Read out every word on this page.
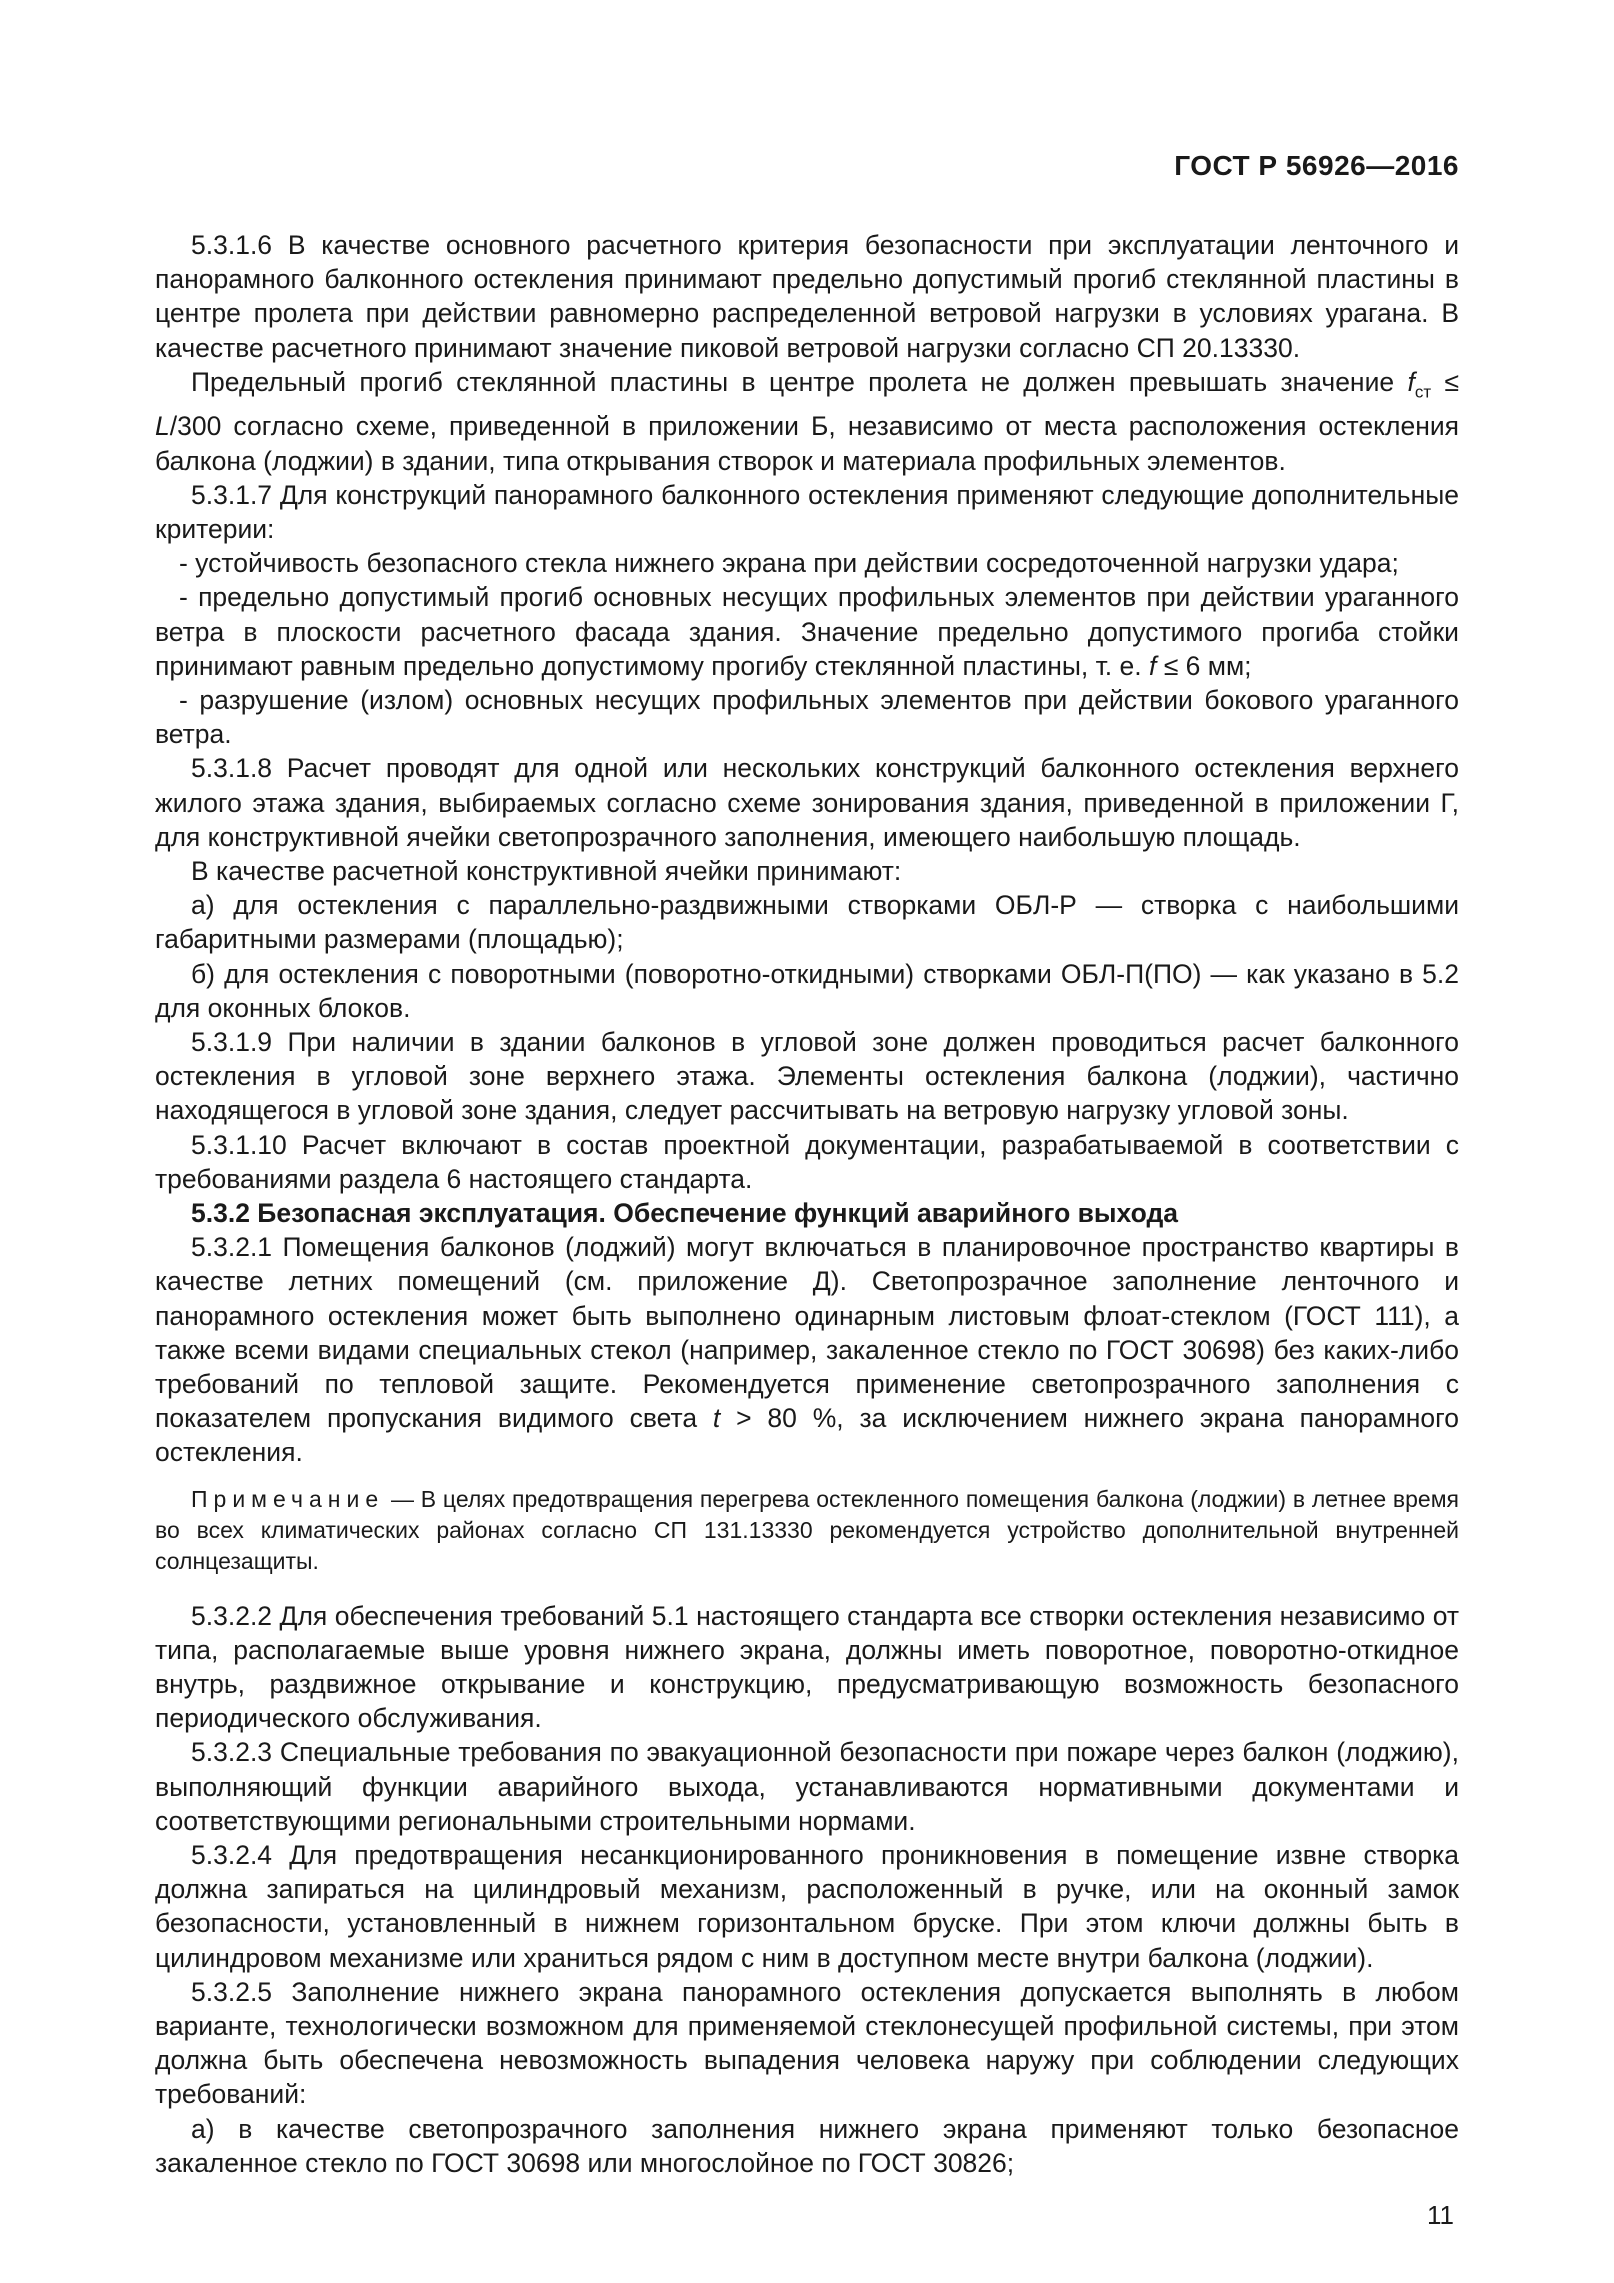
ГОСТ Р 56926—2016

5.3.1.6 В качестве основного расчетного критерия безопасности при эксплуатации ленточного и панорамного балконного остекления принимают предельно допустимый прогиб стеклянной пластины в центре пролета при действии равномерно распределенной ветровой нагрузки в условиях урагана. В качестве расчетного принимают значение пиковой ветровой нагрузки согласно СП 20.13330.

Предельный прогиб стеклянной пластины в центре пролета не должен превышать значение $f_{ст} \le L/300$ согласно схеме, приведенной в приложении Б, независимо от места расположения остекления балкона (лоджии) в здании, типа открывания створок и материала профильных элементов.

5.3.1.7 Для конструкций панорамного балконного остекления применяют следующие дополнительные критерии:

- устойчивость безопасного стекла нижнего экрана при действии сосредоточенной нагрузки удара;

- предельно допустимый прогиб основных несущих профильных элементов при действии ураганного ветра в плоскости расчетного фасада здания. Значение предельно допустимого прогиба стойки принимают равным предельно допустимому прогибу стеклянной пластины, т. е. f ≤ 6 мм;

- разрушение (излом) основных несущих профильных элементов при действии бокового ураганного ветра.

5.3.1.8 Расчет проводят для одной или нескольких конструкций балконного остекления верхнего жилого этажа здания, выбираемых согласно схеме зонирования здания, приведенной в приложении Г, для конструктивной ячейки светопрозрачного заполнения, имеющего наибольшую площадь.

В качестве расчетной конструктивной ячейки принимают:

а) для остекления с параллельно-раздвижными створками ОБЛ-Р — створка с наибольшими габаритными размерами (площадью);

б) для остекления с поворотными (поворотно-откидными) створками ОБЛ-П(ПО) — как указано в 5.2 для оконных блоков.

5.3.1.9 При наличии в здании балконов в угловой зоне должен проводиться расчет балконного остекления в угловой зоне верхнего этажа. Элементы остекления балкона (лоджии), частично находящегося в угловой зоне здания, следует рассчитывать на ветровую нагрузку угловой зоны.

5.3.1.10 Расчет включают в состав проектной документации, разрабатываемой в соответствии с требованиями раздела 6 настоящего стандарта.

5.3.2 Безопасная эксплуатация. Обеспечение функций аварийного выхода

5.3.2.1 Помещения балконов (лоджий) могут включаться в планировочное пространство квартиры в качестве летних помещений (см. приложение Д). Светопрозрачное заполнение ленточного и панорамного остекления может быть выполнено одинарным листовым флоат-стеклом (ГОСТ 111), а также всеми видами специальных стекол (например, закаленное стекло по ГОСТ 30698) без каких-либо требований по тепловой защите. Рекомендуется применение светопрозрачного заполнения с показателем пропускания видимого света t > 80 %, за исключением нижнего экрана панорамного остекления.

Примечание — В целях предотвращения перегрева остекленного помещения балкона (лоджии) в летнее время во всех климатических районах согласно СП 131.13330 рекомендуется устройство дополнительной внутренней солнцезащиты.

5.3.2.2 Для обеспечения требований 5.1 настоящего стандарта все створки остекления независимо от типа, располагаемые выше уровня нижнего экрана, должны иметь поворотное, поворотно-откидное внутрь, раздвижное открывание и конструкцию, предусматривающую возможность безопасного периодического обслуживания.

5.3.2.3 Специальные требования по эвакуационной безопасности при пожаре через балкон (лоджию), выполняющий функции аварийного выхода, устанавливаются нормативными документами и соответствующими региональными строительными нормами.

5.3.2.4 Для предотвращения несанкционированного проникновения в помещение извне створка должна запираться на цилиндровый механизм, расположенный в ручке, или на оконный замок безопасности, установленный в нижнем горизонтальном бруске. При этом ключи должны быть в цилиндровом механизме или храниться рядом с ним в доступном месте внутри балкона (лоджии).

5.3.2.5 Заполнение нижнего экрана панорамного остекления допускается выполнять в любом варианте, технологически возможном для применяемой стеклонесущей профильной системы, при этом должна быть обеспечена невозможность выпадения человека наружу при соблюдении следующих требований:

а) в качестве светопрозрачного заполнения нижнего экрана применяют только безопасное закаленное стекло по ГОСТ 30698 или многослойное по ГОСТ 30826;

11
